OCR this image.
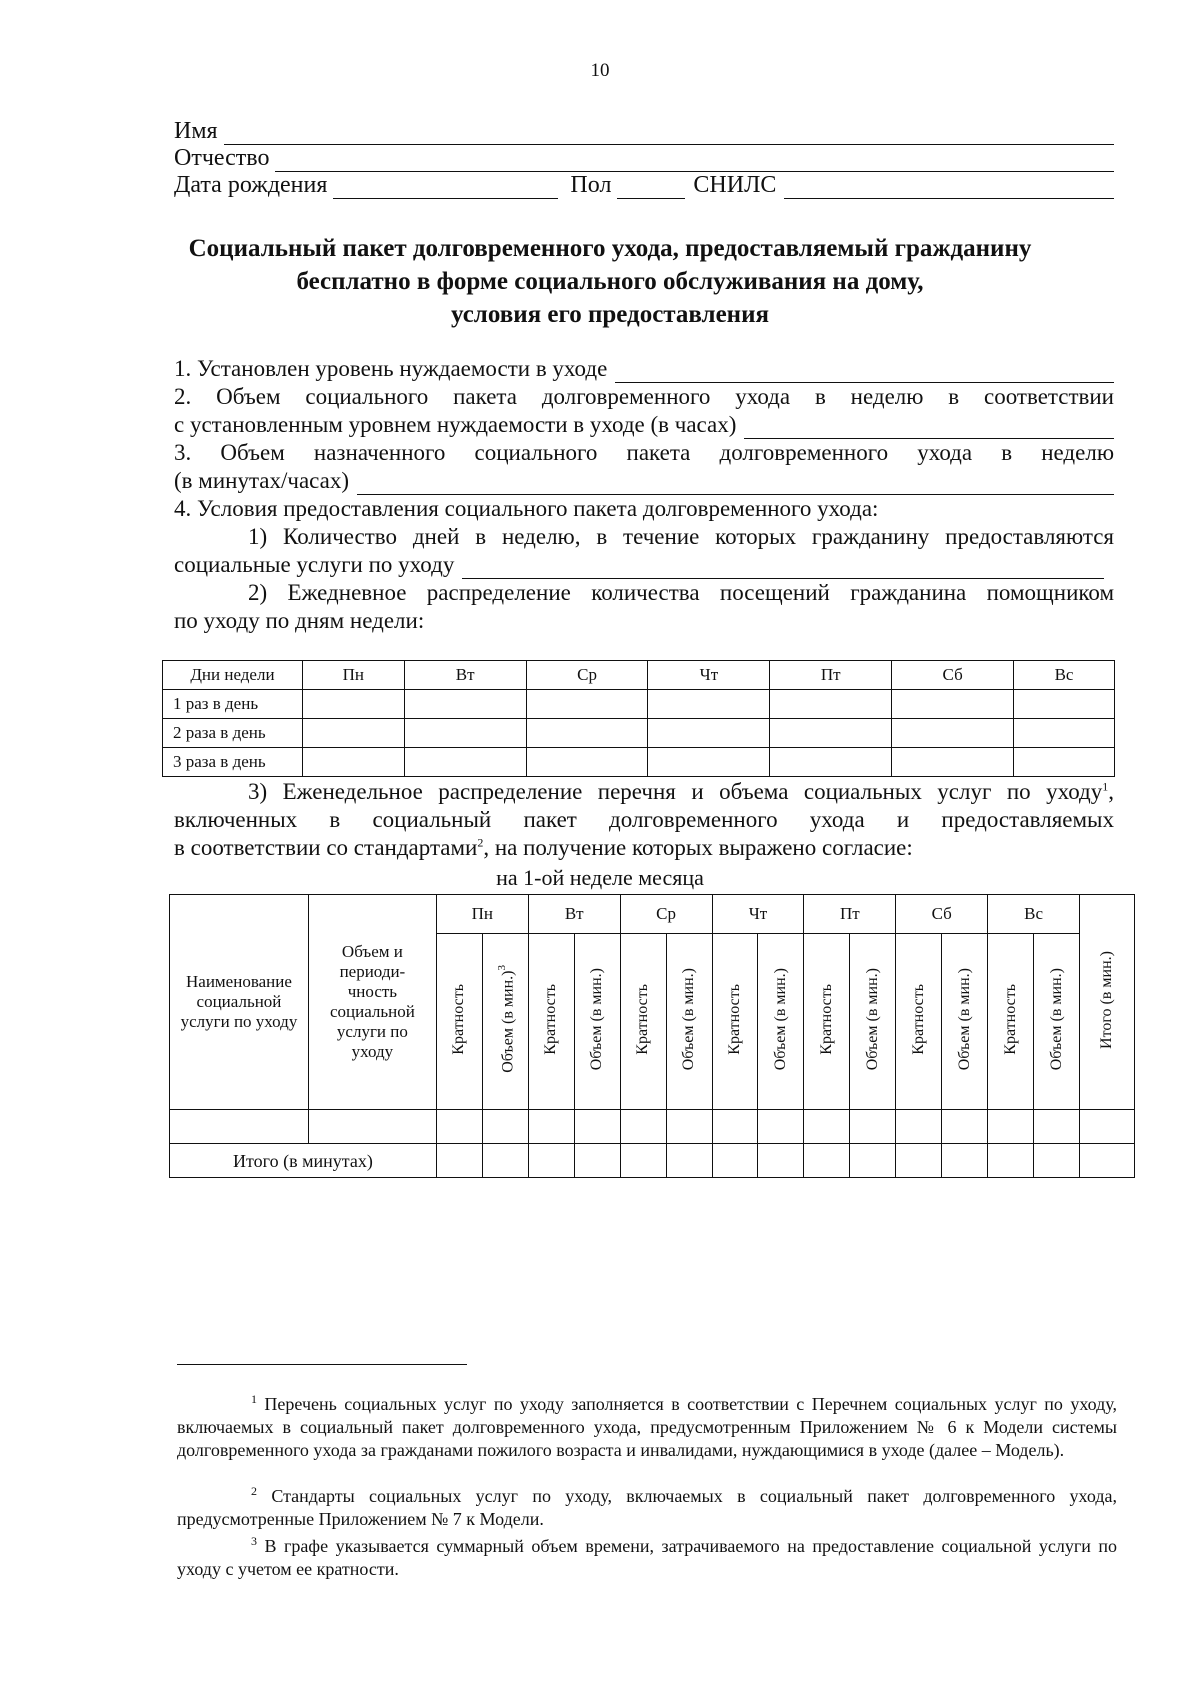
10
Имя
Отчество
Дата рождения	Пол	СНИЛС
Социальный пакет долговременного ухода, предоставляемый гражданину
бесплатно в форме социального обслуживания на дому,
условия его предоставления
1. Установлен уровень нуждаемости в уходе
2. Объем социального пакета долговременного ухода в неделю в соответствии
с установленным уровнем нуждаемости в уходе (в часах)
3. Объем назначенного социального пакета долговременного ухода в неделю
(в минутах/часах)
4. Условия предоставления социального пакета долговременного ухода:
1) Количество дней в неделю, в течение которых гражданину предоставляются
социальные услуги по уходу
2) Ежедневное распределение количества посещений гражданина помощником
по уходу по дням недели:
Дни недели	Пн	Вт	Ср	Чт	Пт	Сб	Вс
1 раз в день							
2 раза в день							
3 раза в день							
3) Еженедельное распределение перечня и объема социальных услуг по уходу$^1$,
включенных в социальный пакет долговременного ухода и предоставляемых
в соответствии со стандартами$^2$, на получение которых выражено согласие:
на 1-ой неделе месяца
Наименование социальной услуги по уходу	Объем и периоди- чность социальной услуги по уходу	Пн		Вт		Ср		Чт		Пт		Сб		Вс		Итого (в мин.)
		Кратность	Объем (в мин.)$^3$	Кратность	Объем (в мин.)	Кратность	Объем (в мин.)	Кратность	Объем (в мин.)	Кратность	Объем (в мин.)	Кратность	Объем (в мин.)	Кратность	Объем (в мин.)	

Итого (в минутах)																
$^1$ Перечень социальных услуг по уходу заполняется в соответствии с Перечнем социальных услуг по уходу, включаемых в социальный пакет долговременного ухода, предусмотренным Приложением № 6 к Модели системы долговременного ухода за гражданами пожилого возраста и инвалидами, нуждающимися в уходе (далее – Модель).
$^2$ Стандарты социальных услуг по уходу, включаемых в социальный пакет долговременного ухода, предусмотренные Приложением № 7 к Модели.
$^3$ В графе указывается суммарный объем времени, затрачиваемого на предоставление социальной услуги по уходу с учетом ее кратности.
